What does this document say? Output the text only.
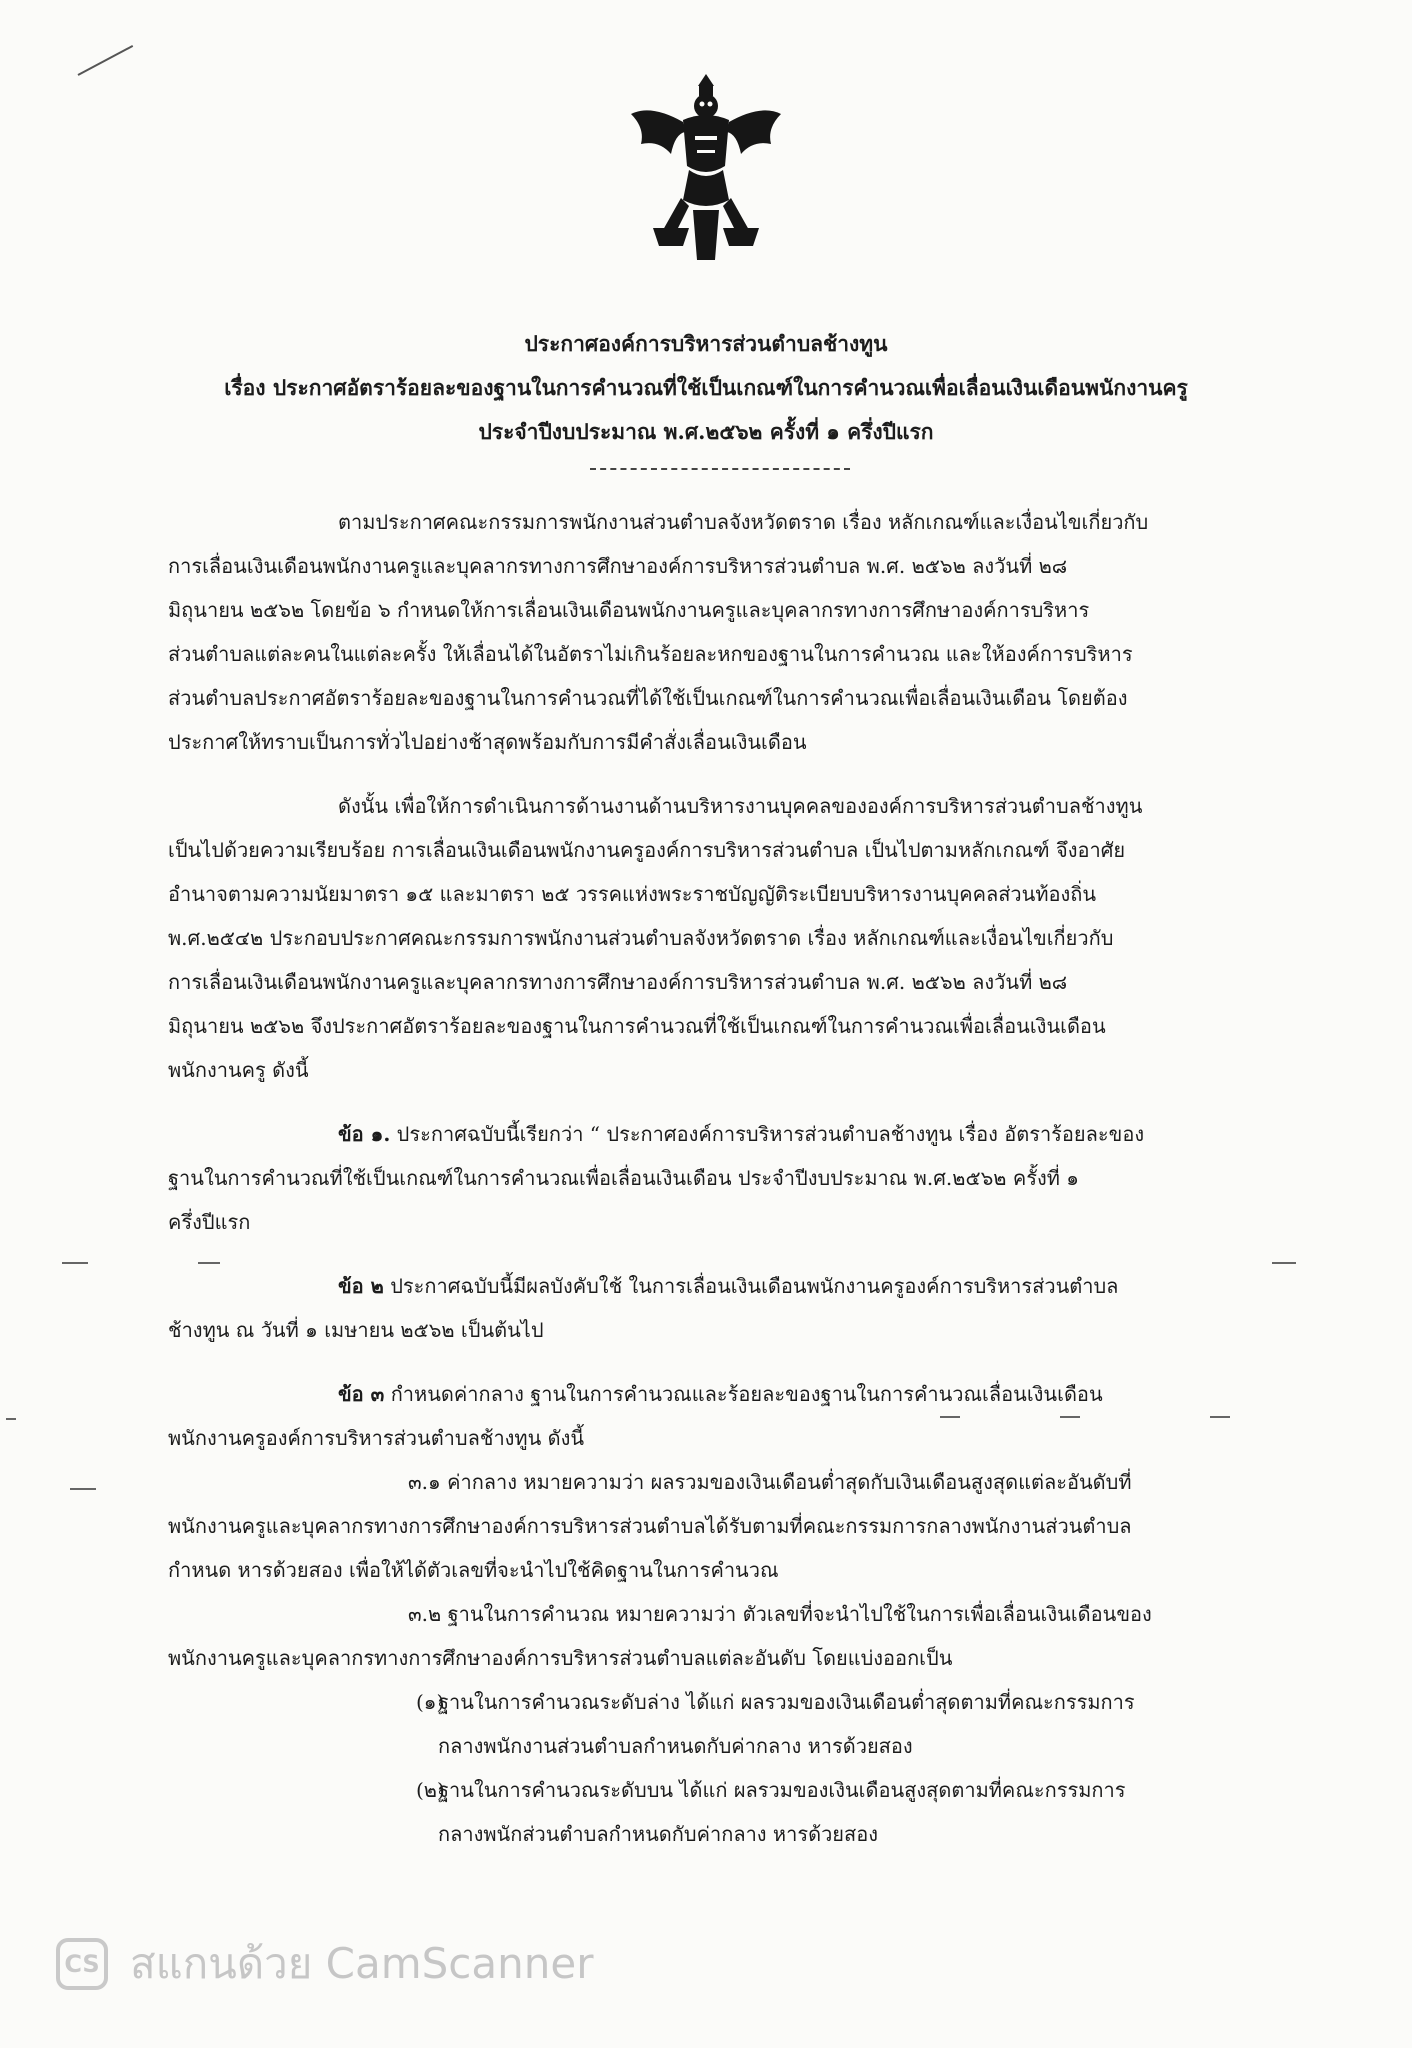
ประกาศองค์การบริหารส่วนตำบลช้างทูน
เรื่อง ประกาศอัตราร้อยละของฐานในการคำนวณที่ใช้เป็นเกณฑ์ในการคำนวณเพื่อเลื่อนเงินเดือนพนักงานครู
ประจำปีงบประมาณ พ.ศ.๒๕๖๒ ครั้งที่ ๑ ครึ่งปีแรก
ตามประกาศคณะกรรมการพนักงานส่วนตำบลจังหวัดตราด เรื่อง หลักเกณฑ์และเงื่อนไขเกี่ยวกับ
การเลื่อนเงินเดือนพนักงานครูและบุคลากรทางการศึกษาองค์การบริหารส่วนตำบล พ.ศ. ๒๕๖๒ ลงวันที่ ๒๘
มิถุนายน ๒๕๖๒ โดยข้อ ๖ กำหนดให้การเลื่อนเงินเดือนพนักงานครูและบุคลากรทางการศึกษาองค์การบริหาร
ส่วนตำบลแต่ละคนในแต่ละครั้ง ให้เลื่อนได้ในอัตราไม่เกินร้อยละหกของฐานในการคำนวณ และให้องค์การบริหาร
ส่วนตำบลประกาศอัตราร้อยละของฐานในการคำนวณที่ได้ใช้เป็นเกณฑ์ในการคำนวณเพื่อเลื่อนเงินเดือน โดยต้อง
ประกาศให้ทราบเป็นการทั่วไปอย่างช้าสุดพร้อมกับการมีคำสั่งเลื่อนเงินเดือน
ดังนั้น เพื่อให้การดำเนินการด้านงานด้านบริหารงานบุคคลขององค์การบริหารส่วนตำบลช้างทูน
เป็นไปด้วยความเรียบร้อย การเลื่อนเงินเดือนพนักงานครูองค์การบริหารส่วนตำบล เป็นไปตามหลักเกณฑ์ จึงอาศัย
อำนาจตามความนัยมาตรา ๑๕ และมาตรา ๒๕ วรรคแห่งพระราชบัญญัติระเบียบบริหารงานบุคคลส่วนท้องถิ่น
พ.ศ.๒๕๔๒ ประกอบประกาศคณะกรรมการพนักงานส่วนตำบลจังหวัดตราด เรื่อง หลักเกณฑ์และเงื่อนไขเกี่ยวกับ
การเลื่อนเงินเดือนพนักงานครูและบุคลากรทางการศึกษาองค์การบริหารส่วนตำบล พ.ศ. ๒๕๖๒ ลงวันที่ ๒๘
มิถุนายน ๒๕๖๒ จึงประกาศอัตราร้อยละของฐานในการคำนวณที่ใช้เป็นเกณฑ์ในการคำนวณเพื่อเลื่อนเงินเดือน
พนักงานครู ดังนี้
ข้อ ๑. ประกาศฉบับนี้เรียกว่า “ ประกาศองค์การบริหารส่วนตำบลช้างทูน เรื่อง อัตราร้อยละของ
ฐานในการคำนวณที่ใช้เป็นเกณฑ์ในการคำนวณเพื่อเลื่อนเงินเดือน ประจำปีงบประมาณ พ.ศ.๒๕๖๒ ครั้งที่ ๑
ครึ่งปีแรก
ข้อ ๒ ประกาศฉบับนี้มีผลบังคับใช้ ในการเลื่อนเงินเดือนพนักงานครูองค์การบริหารส่วนตำบล
ช้างทูน ณ วันที่ ๑ เมษายน ๒๕๖๒ เป็นต้นไป
ข้อ ๓ กำหนดค่ากลาง ฐานในการคำนวณและร้อยละของฐานในการคำนวณเลื่อนเงินเดือน
พนักงานครูองค์การบริหารส่วนตำบลช้างทูน ดังนี้
๓.๑ ค่ากลาง หมายความว่า ผลรวมของเงินเดือนต่ำสุดกับเงินเดือนสูงสุดแต่ละอันดับที่
พนักงานครูและบุคลากรทางการศึกษาองค์การบริหารส่วนตำบลได้รับตามที่คณะกรรมการกลางพนักงานส่วนตำบล
กำหนด หารด้วยสอง เพื่อให้ได้ตัวเลขที่จะนำไปใช้คิดฐานในการคำนวณ
๓.๒ ฐานในการคำนวณ หมายความว่า ตัวเลขที่จะนำไปใช้ในการเพื่อเลื่อนเงินเดือนของ
พนักงานครูและบุคลากรทางการศึกษาองค์การบริหารส่วนตำบลแต่ละอันดับ โดยแบ่งออกเป็น
(๑)
ฐานในการคำนวณระดับล่าง ได้แก่ ผลรวมของเงินเดือนต่ำสุดตามที่คณะกรรมการ
กลางพนักงานส่วนตำบลกำหนดกับค่ากลาง หารด้วยสอง
(๒)
ฐานในการคำนวณระดับบน ได้แก่ ผลรวมของเงินเดือนสูงสุดตามที่คณะกรรมการ
กลางพนักส่วนตำบลกำหนดกับค่ากลาง หารด้วยสอง
CS สแกนด้วย CamScanner
